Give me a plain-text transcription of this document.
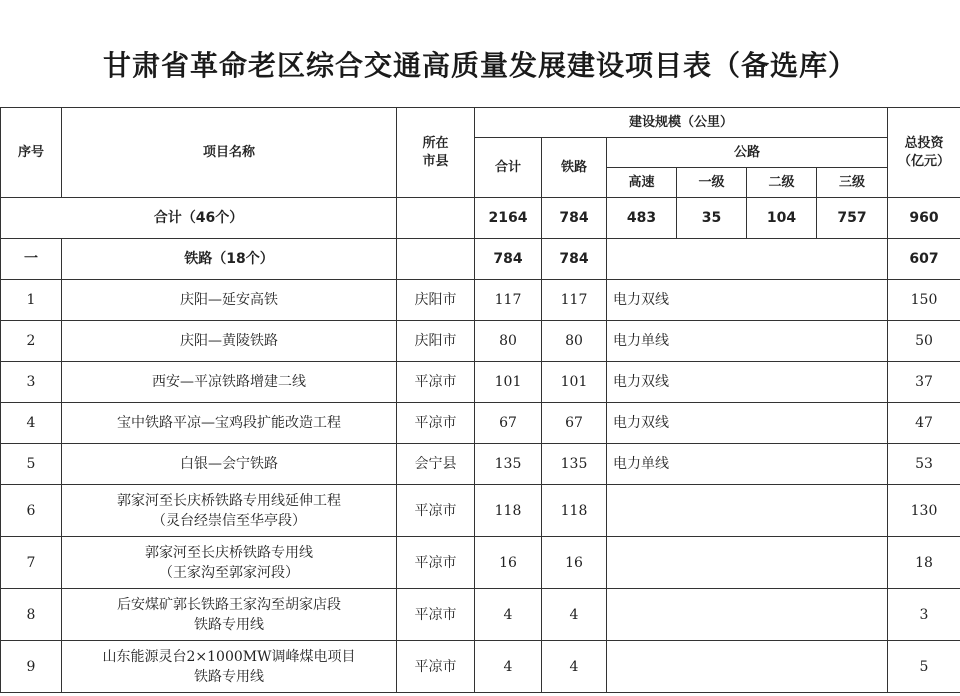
甘肃省革命老区综合交通高质量发展建设项目表（备选库）
序号	项目名称	所在
市县	建设规模（公里）						总投资
（亿元）
			合计	铁路	公路				
					高速	一级	二级	三级	
合计（46个）			2164	784	483	35	104	757	960
一	铁路（18个）		784	784					607
1	庆阳—延安高铁	庆阳市	117	117	电力双线				150
2	庆阳—黄陵铁路	庆阳市	80	80	电力单线				50
3	西安—平凉铁路增建二线	平凉市	101	101	电力双线				37
4	宝中铁路平凉—宝鸡段扩能改造工程	平凉市	67	67	电力双线				47
5	白银—会宁铁路	会宁县	135	135	电力单线				53
6	郭家河至长庆桥铁路专用线延伸工程
（灵台经崇信至华亭段）	平凉市	118	118					130
7	郭家河至长庆桥铁路专用线
（王家沟至郭家河段）	平凉市	16	16					18
8	后安煤矿郭长铁路王家沟至胡家店段
铁路专用线	平凉市	4	4					3
9	山东能源灵台2×1000MW调峰煤电项目
铁路专用线	平凉市	4	4					5
